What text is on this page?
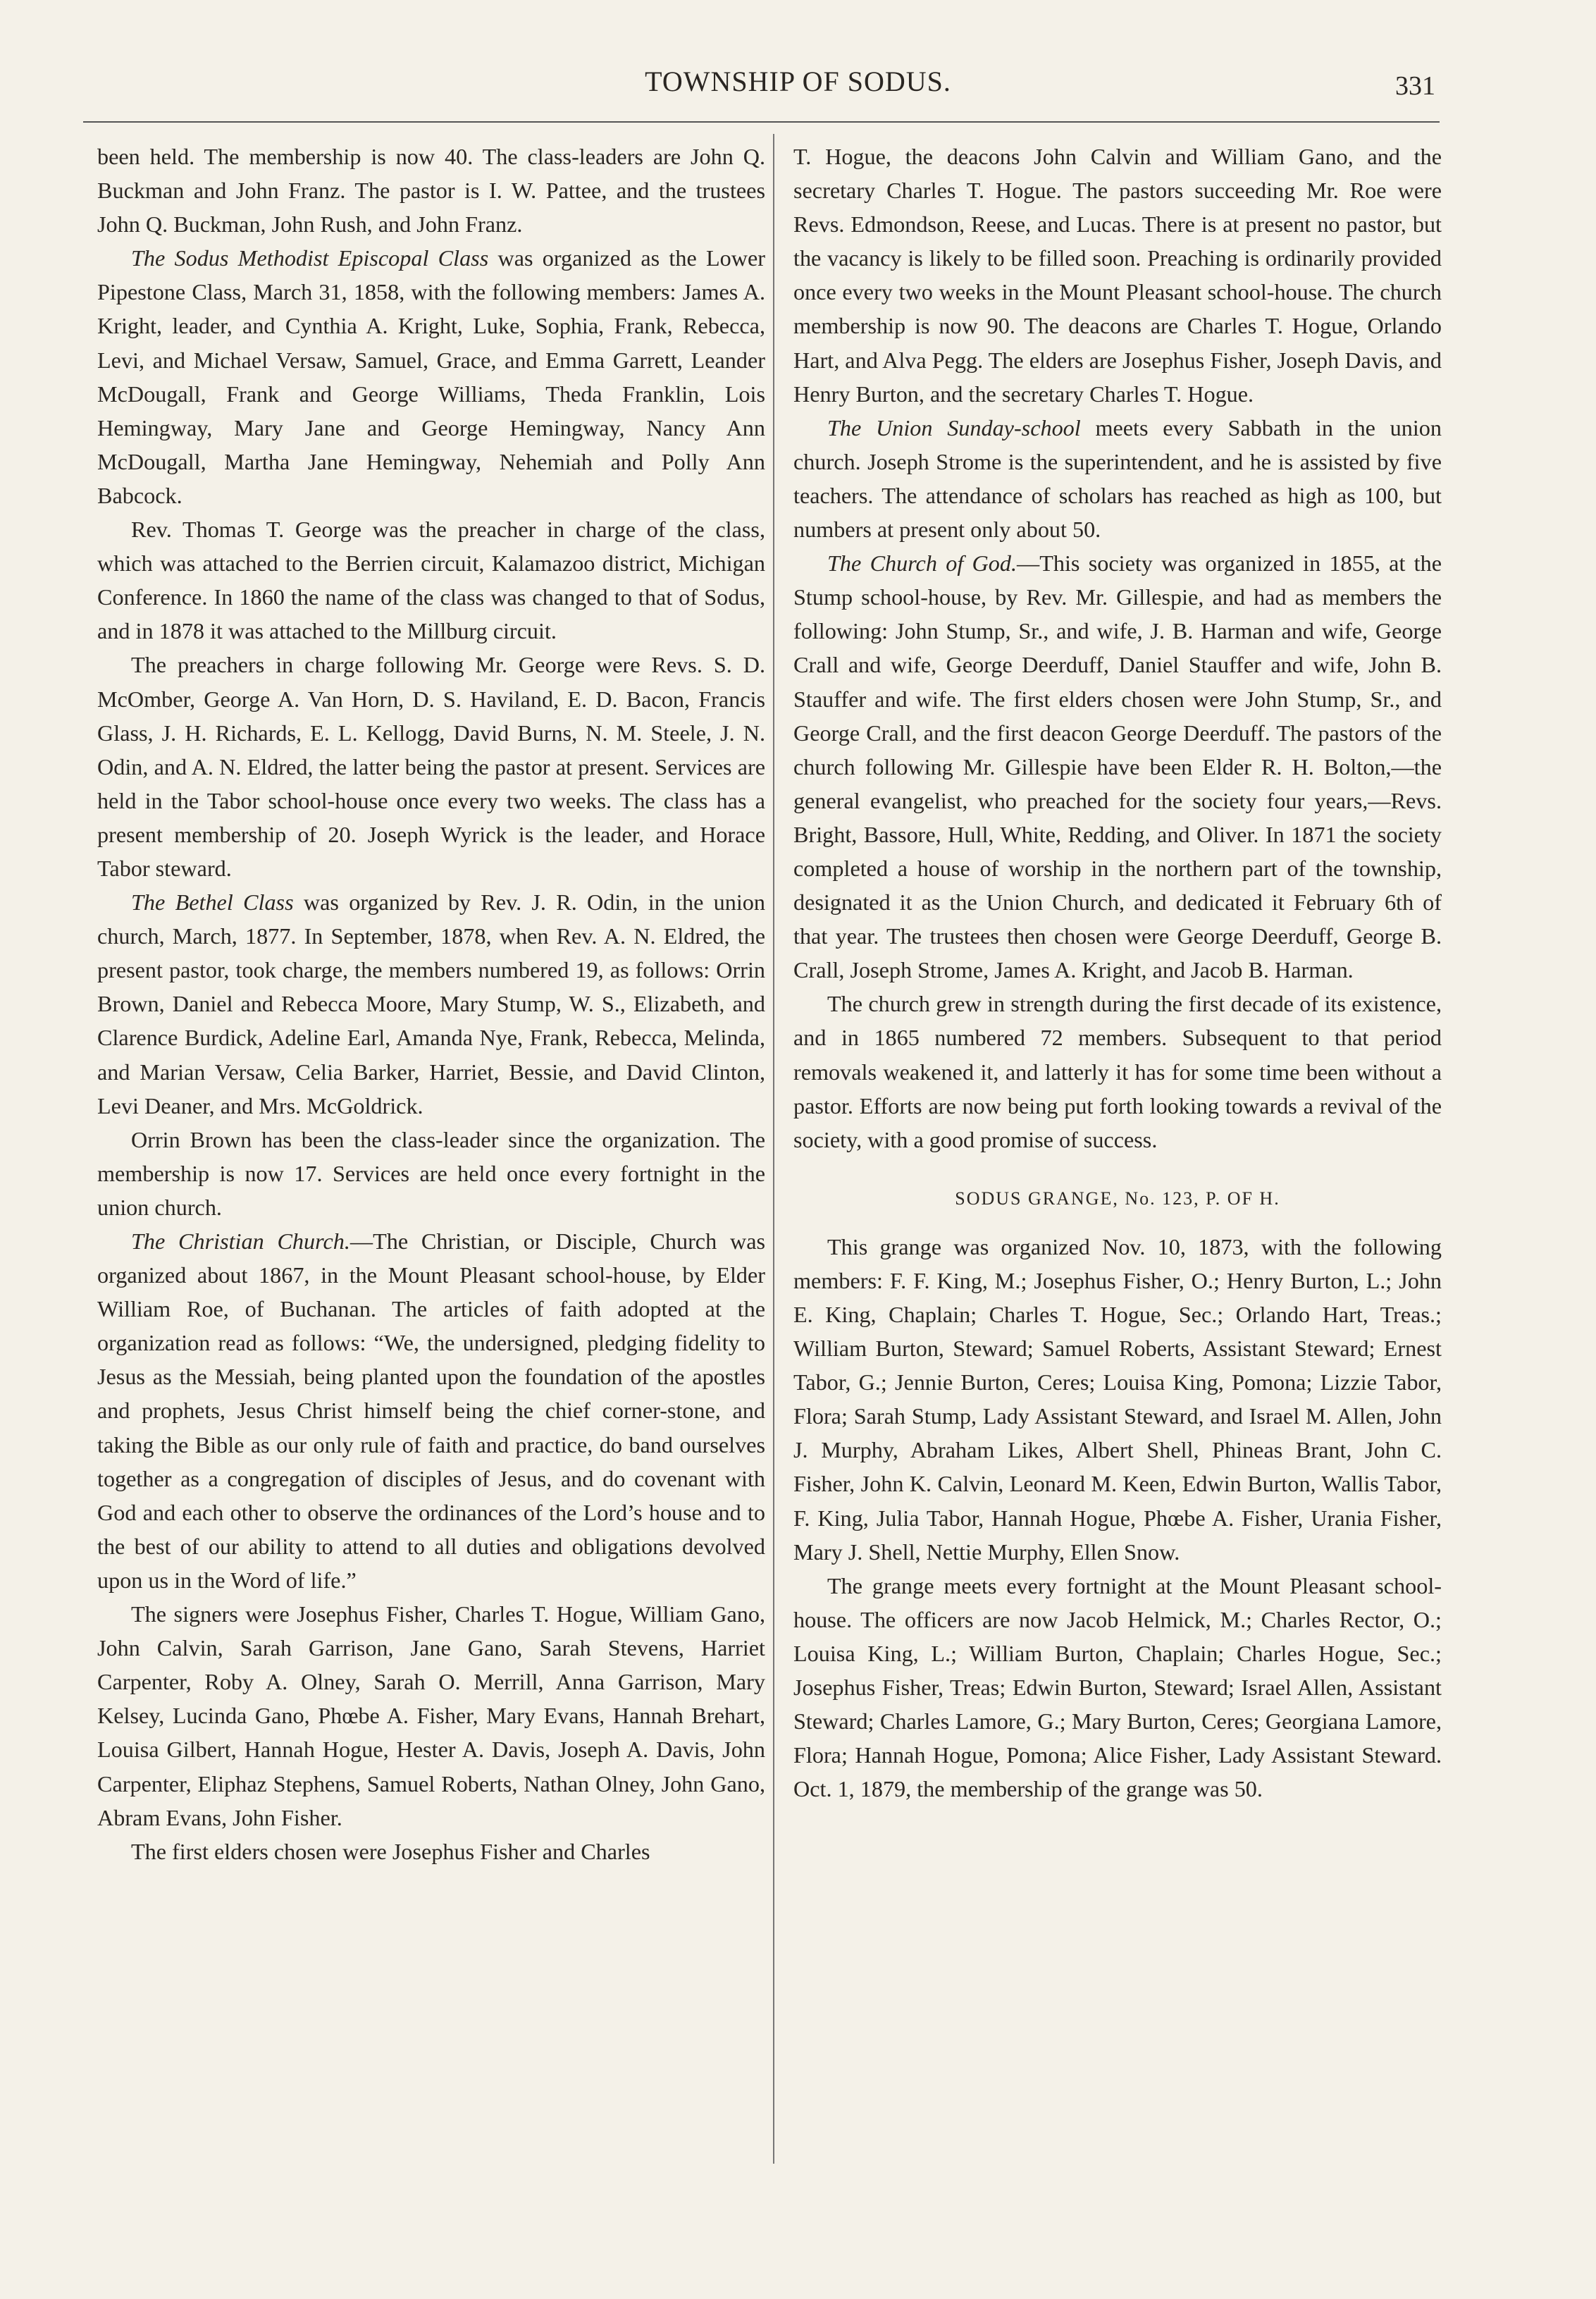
TOWNSHIP OF SODUS.	331

been held. The membership is now 40. The class-leaders are John Q. Buckman and John Franz. The pastor is I. W. Pattee, and the trustees John Q. Buckman, John Rush, and John Franz.

The Sodus Methodist Episcopal Class was organized as the Lower Pipestone Class, March 31, 1858, with the following members: James A. Kright, leader, and Cynthia A. Kright, Luke, Sophia, Frank, Rebecca, Levi, and Michael Versaw, Samuel, Grace, and Emma Garrett, Leander McDougall, Frank and George Williams, Theda Franklin, Lois Hemingway, Mary Jane and George Hemingway, Nancy Ann McDougall, Martha Jane Hemingway, Nehemiah and Polly Ann Babcock.

Rev. Thomas T. George was the preacher in charge of the class, which was attached to the Berrien circuit, Kalamazoo district, Michigan Conference. In 1860 the name of the class was changed to that of Sodus, and in 1878 it was attached to the Millburg circuit.

The preachers in charge following Mr. George were Revs. S. D. McOmber, George A. Van Horn, D. S. Haviland, E. D. Bacon, Francis Glass, J. H. Richards, E. L. Kellogg, David Burns, N. M. Steele, J. N. Odin, and A. N. Eldred, the latter being the pastor at present. Services are held in the Tabor school-house once every two weeks. The class has a present membership of 20. Joseph Wyrick is the leader, and Horace Tabor steward.

The Bethel Class was organized by Rev. J. R. Odin, in the union church, March, 1877. In September, 1878, when Rev. A. N. Eldred, the present pastor, took charge, the members numbered 19, as follows: Orrin Brown, Daniel and Rebecca Moore, Mary Stump, W. S., Elizabeth, and Clarence Burdick, Adeline Earl, Amanda Nye, Frank, Rebecca, Melinda, and Marian Versaw, Celia Barker, Harriet, Bessie, and David Clinton, Levi Deaner, and Mrs. McGoldrick.

Orrin Brown has been the class-leader since the organization. The membership is now 17. Services are held once every fortnight in the union church.

The Christian Church.—The Christian, or Disciple, Church was organized about 1867, in the Mount Pleasant school-house, by Elder William Roe, of Buchanan. The articles of faith adopted at the organization read as follows: “We, the undersigned, pledging fidelity to Jesus as the Messiah, being planted upon the foundation of the apostles and prophets, Jesus Christ himself being the chief corner-stone, and taking the Bible as our only rule of faith and practice, do band ourselves together as a congregation of disciples of Jesus, and do covenant with God and each other to observe the ordinances of the Lord’s house and to the best of our ability to attend to all duties and obligations devolved upon us in the Word of life.”

The signers were Josephus Fisher, Charles T. Hogue, William Gano, John Calvin, Sarah Garrison, Jane Gano, Sarah Stevens, Harriet Carpenter, Roby A. Olney, Sarah O. Merrill, Anna Garrison, Mary Kelsey, Lucinda Gano, Phœbe A. Fisher, Mary Evans, Hannah Brehart, Louisa Gilbert, Hannah Hogue, Hester A. Davis, Joseph A. Davis, John Carpenter, Eliphaz Stephens, Samuel Roberts, Nathan Olney, John Gano, Abram Evans, John Fisher.

The first elders chosen were Josephus Fisher and Charles

T. Hogue, the deacons John Calvin and William Gano, and the secretary Charles T. Hogue. The pastors succeeding Mr. Roe were Revs. Edmondson, Reese, and Lucas. There is at present no pastor, but the vacancy is likely to be filled soon. Preaching is ordinarily provided once every two weeks in the Mount Pleasant school-house. The church membership is now 90. The deacons are Charles T. Hogue, Orlando Hart, and Alva Pegg. The elders are Josephus Fisher, Joseph Davis, and Henry Burton, and the secretary Charles T. Hogue.

The Union Sunday-school meets every Sabbath in the union church. Joseph Strome is the superintendent, and he is assisted by five teachers. The attendance of scholars has reached as high as 100, but numbers at present only about 50.

The Church of God.—This society was organized in 1855, at the Stump school-house, by Rev. Mr. Gillespie, and had as members the following: John Stump, Sr., and wife, J. B. Harman and wife, George Crall and wife, George Deerduff, Daniel Stauffer and wife, John B. Stauffer and wife. The first elders chosen were John Stump, Sr., and George Crall, and the first deacon George Deerduff. The pastors of the church following Mr. Gillespie have been Elder R. H. Bolton,—the general evangelist, who preached for the society four years,—Revs. Bright, Bassore, Hull, White, Redding, and Oliver. In 1871 the society completed a house of worship in the northern part of the township, designated it as the Union Church, and dedicated it February 6th of that year. The trustees then chosen were George Deerduff, George B. Crall, Joseph Strome, James A. Kright, and Jacob B. Harman.

The church grew in strength during the first decade of its existence, and in 1865 numbered 72 members. Subsequent to that period removals weakened it, and latterly it has for some time been without a pastor. Efforts are now being put forth looking towards a revival of the society, with a good promise of success.

SODUS GRANGE, No. 123, P. OF H.

This grange was organized Nov. 10, 1873, with the following members: F. F. King, M.; Josephus Fisher, O.; Henry Burton, L.; John E. King, Chaplain; Charles T. Hogue, Sec.; Orlando Hart, Treas.; William Burton, Steward; Samuel Roberts, Assistant Steward; Ernest Tabor, G.; Jennie Burton, Ceres; Louisa King, Pomona; Lizzie Tabor, Flora; Sarah Stump, Lady Assistant Steward, and Israel M. Allen, John J. Murphy, Abraham Likes, Albert Shell, Phineas Brant, John C. Fisher, John K. Calvin, Leonard M. Keen, Edwin Burton, Wallis Tabor, F. King, Julia Tabor, Hannah Hogue, Phœbe A. Fisher, Urania Fisher, Mary J. Shell, Nettie Murphy, Ellen Snow.

The grange meets every fortnight at the Mount Pleasant school-house. The officers are now Jacob Helmick, M.; Charles Rector, O.; Louisa King, L.; William Burton, Chaplain; Charles Hogue, Sec.; Josephus Fisher, Treas; Edwin Burton, Steward; Israel Allen, Assistant Steward; Charles Lamore, G.; Mary Burton, Ceres; Georgiana Lamore, Flora; Hannah Hogue, Pomona; Alice Fisher, Lady Assistant Steward. Oct. 1, 1879, the membership of the grange was 50.
